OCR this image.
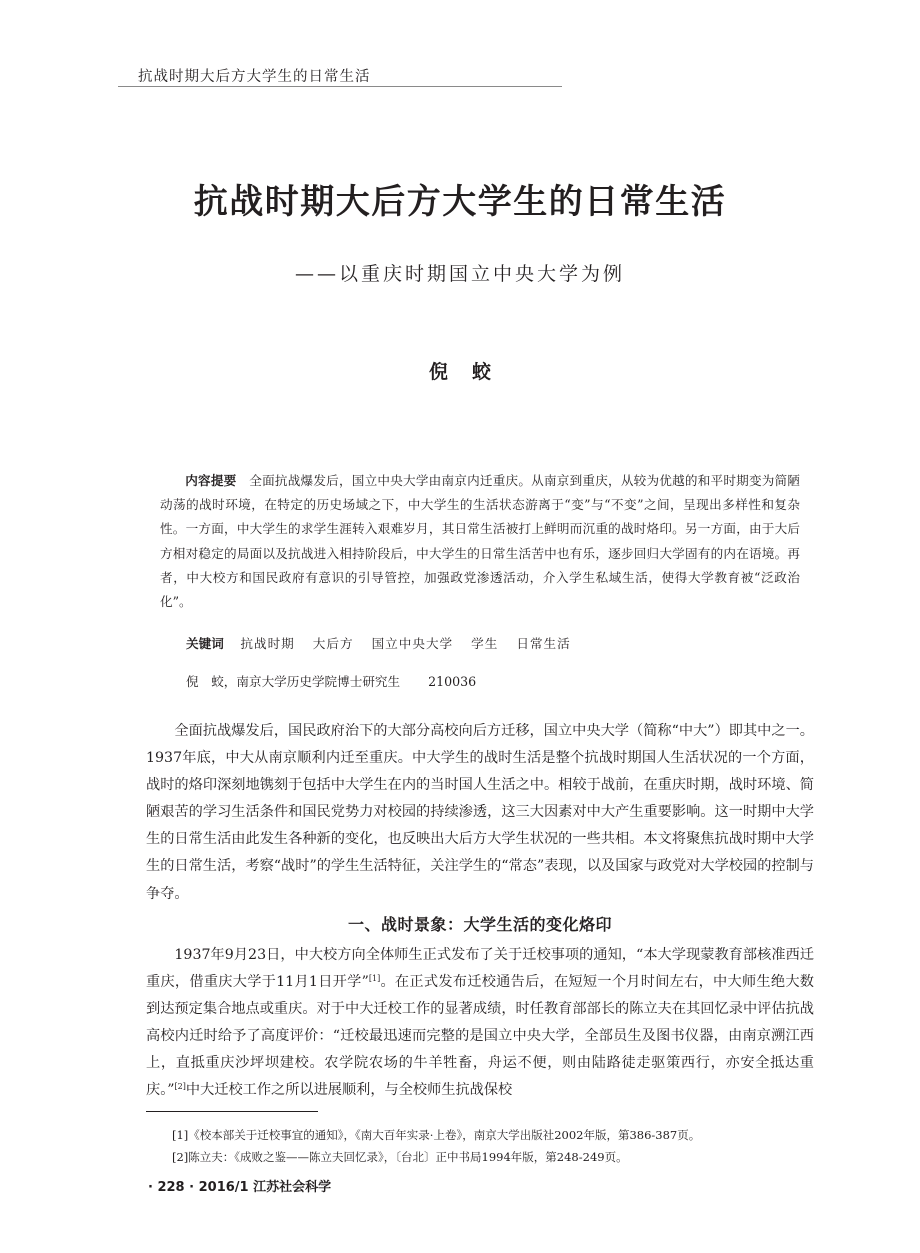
抗战时期大后方大学生的日常生活
抗战时期大后方大学生的日常生活
——以重庆时期国立中央大学为例
倪蛟
内容提要　 全面抗战爆发后，国立中央大学由南京内迁重庆。从南京到重庆，从较为优越的和平时期变为简陋动荡的战时环境，在特定的历史场域之下，中大学生的生活状态游离于“变”与“不变”之间，呈现出多样性和复杂性。一方面，中大学生的求学生涯转入艰难岁月，其日常生活被打上鲜明而沉重的战时烙印。另一方面，由于大后方相对稳定的局面以及抗战进入相持阶段后，中大学生的日常生活苦中也有乐，逐步回归大学固有的内在语境。再者，中大校方和国民政府有意识的引导管控，加强政党渗透活动，介入学生私域生活，使得大学教育被“泛政治化”。
关键词　 抗战时期 大后方 国立中央大学 学生 日常生活
倪　蛟，南京大学历史学院博士研究生 210036

全面抗战爆发后，国民政府治下的大部分高校向后方迁移，国立中央大学（简称“中大”）即其中之一。1937年底，中大从南京顺利内迁至重庆。中大学生的战时生活是整个抗战时期国人生活状况的一个方面，战时的烙印深刻地镌刻于包括中大学生在内的当时国人生活之中。相较于战前，在重庆时期，战时环境、简陋艰苦的学习生活条件和国民党势力对校园的持续渗透，这三大因素对中大产生重要影响。这一时期中大学生的日常生活由此发生各种新的变化，也反映出大后方大学生状况的一些共相。本文将聚焦抗战时期中大学生的日常生活，考察“战时”的学生生活特征，关注学生的“常态”表现，以及国家与政党对大学校园的控制与争夺。

一、战时景象：大学生活的变化烙印

1937年9月23日，中大校方向全体师生正式发布了关于迁校事项的通知，“本大学现蒙教育部核准西迁重庆，借重庆大学于11月1日开学”[1]。在正式发布迁校通告后，在短短一个月时间左右，中大师生绝大数到达预定集合地点或重庆。对于中大迁校工作的显著成绩，时任教育部部长的陈立夫在其回忆录中评估抗战高校内迁时给予了高度评价：“迁校最迅速而完整的是国立中央大学，全部员生及图书仪器，由南京溯江西上，直抵重庆沙坪坝建校。农学院农场的牛羊牲畜，舟运不便，则由陆路徒走驱策西行，亦安全抵达重庆。”[2]中大迁校工作之所以进展顺利，与全校师生抗战保校

[1]《校本部关于迁校事宜的通知》，《南大百年实录·上卷》，南京大学出版社2002年版，第386-387页。
[2]陈立夫：《成败之鉴——陈立夫回忆录》，〔台北〕正中书局1994年版，第248-249页。
· 228 · 2016/1 江苏社会科学
